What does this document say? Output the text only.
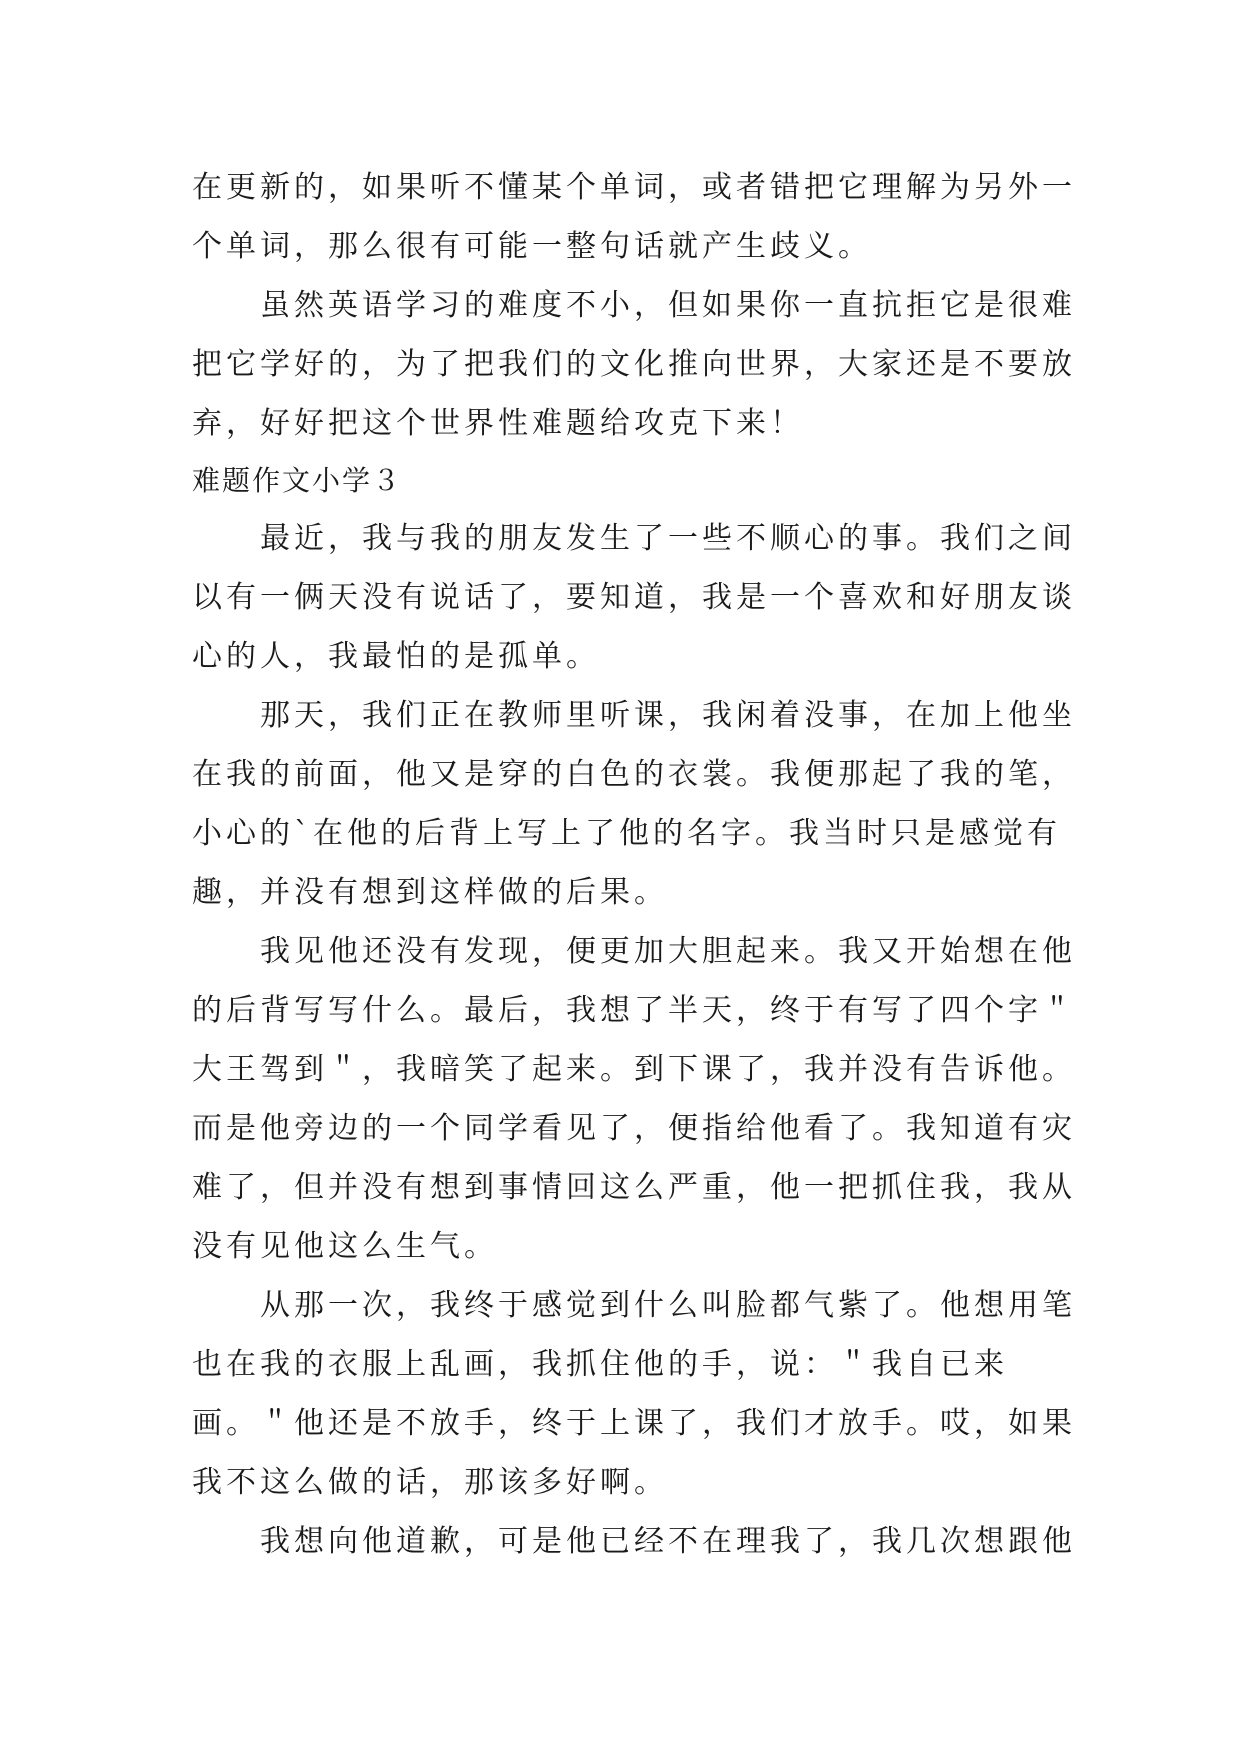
在更新的，如果听不懂某个单词，或者错把它理解为另外一
个单词，那么很有可能一整句话就产生歧义。
虽然英语学习的难度不小，但如果你一直抗拒它是很难
把它学好的，为了把我们的文化推向世界，大家还是不要放
弃，好好把这个世界性难题给攻克下来！
难题作文小学３
最近，我与我的朋友发生了一些不顺心的事。我们之间
以有一俩天没有说话了，要知道，我是一个喜欢和好朋友谈
心的人，我最怕的是孤单。
那天，我们正在教师里听课，我闲着没事，在加上他坐
在我的前面，他又是穿的白色的衣裳。我便那起了我的笔，
小心的`在他的后背上写上了他的名字。我当时只是感觉有
趣，并没有想到这样做的后果。
我见他还没有发现，便更加大胆起来。我又开始想在他
的后背写写什么。最后，我想了半天，终于有写了四个字＂
大王驾到＂，我暗笑了起来。到下课了，我并没有告诉他。
而是他旁边的一个同学看见了，便指给他看了。我知道有灾
难了，但并没有想到事情回这么严重，他一把抓住我，我从
没有见他这么生气。
从那一次，我终于感觉到什么叫脸都气紫了。他想用笔
也在我的衣服上乱画，我抓住他的手，说：＂我自已来
画。＂他还是不放手，终于上课了，我们才放手。哎，如果
我不这么做的话，那该多好啊。
我想向他道歉，可是他已经不在理我了，我几次想跟他
